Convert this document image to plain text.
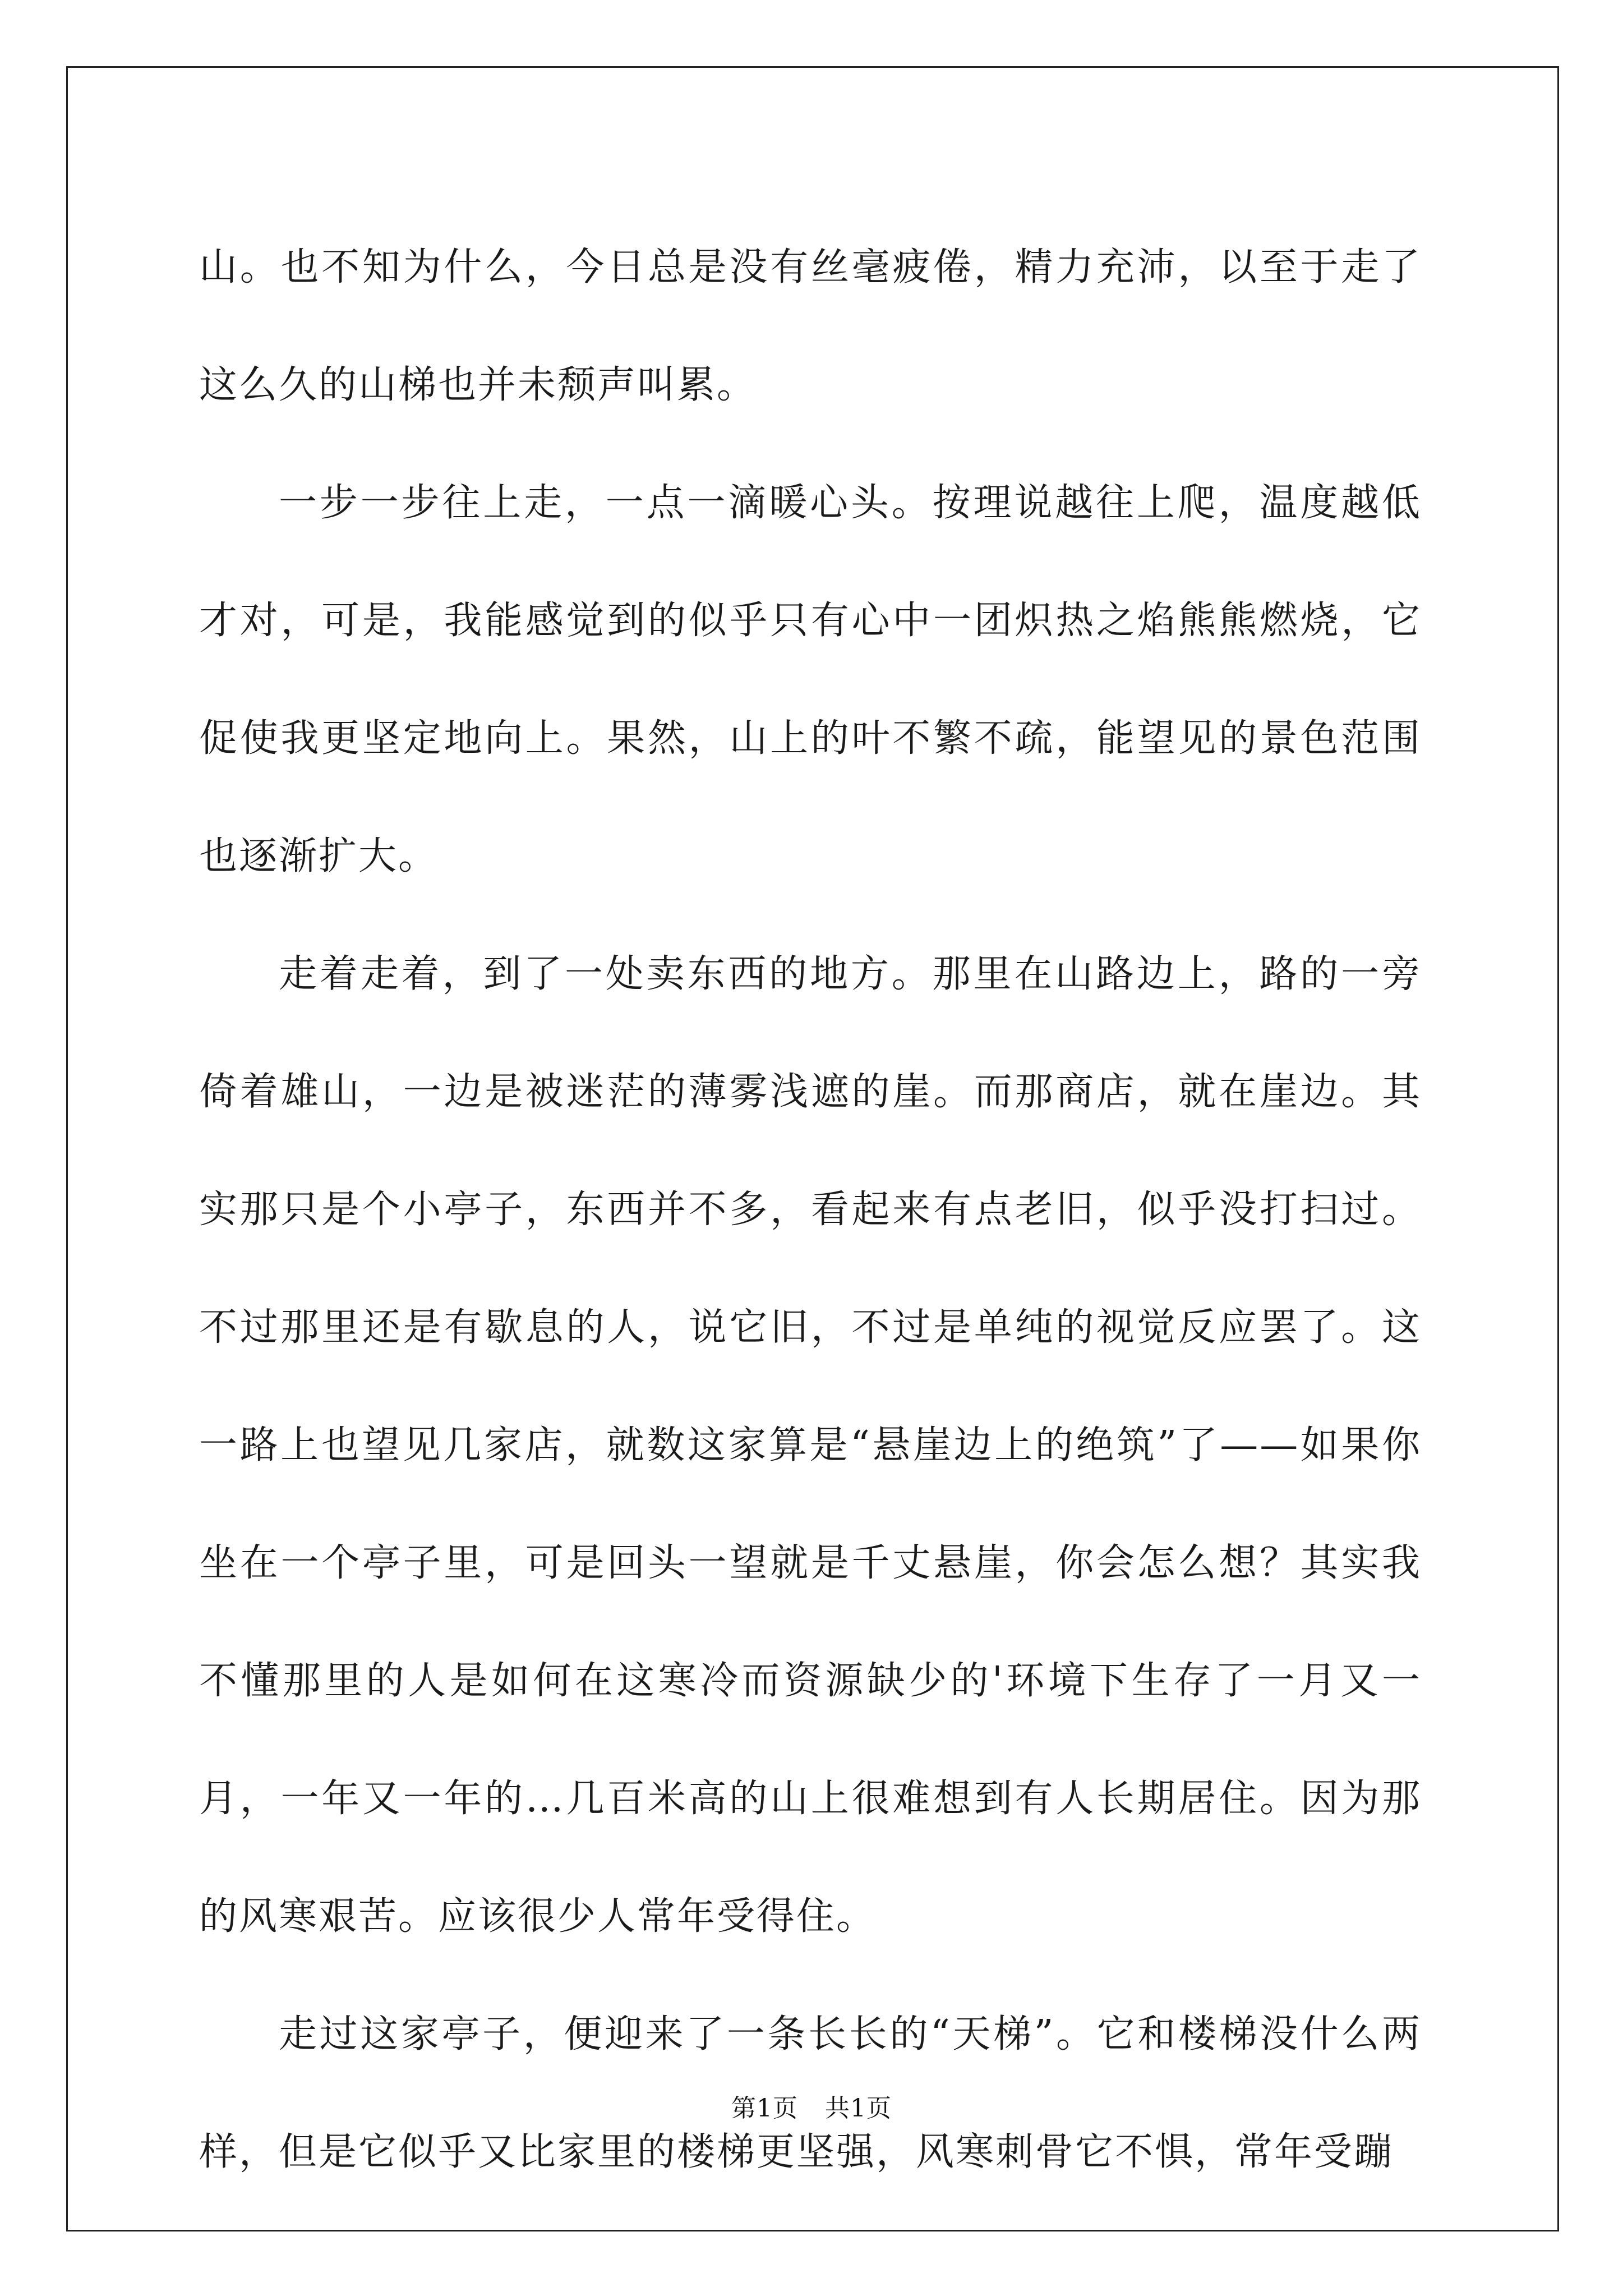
山。也不知为什么，今日总是没有丝毫疲倦，精力充沛，以至于走了这么久的山梯也并未颓声叫累。

一步一步往上走，一点一滴暖心头。按理说越往上爬，温度越低才对，可是，我能感觉到的似乎只有心中一团炽热之焰熊熊燃烧，它促使我更坚定地向上。果然，山上的叶不繁不疏，能望见的景色范围也逐渐扩大。

走着走着，到了一处卖东西的地方。那里在山路边上，路的一旁倚着雄山，一边是被迷茫的薄雾浅遮的崖。而那商店，就在崖边。其实那只是个小亭子，东西并不多，看起来有点老旧，似乎没打扫过。不过那里还是有歇息的人，说它旧，不过是单纯的视觉反应罢了。这一路上也望见几家店，就数这家算是“悬崖边上的绝筑”了——如果你坐在一个亭子里，可是回头一望就是千丈悬崖，你会怎么想？其实我不懂那里的人是如何在这寒冷而资源缺少的'环境下生存了一月又一月，一年又一年的…几百米高的山上很难想到有人长期居住。因为那的风寒艰苦。应该很少人常年受得住。

走过这家亭子，便迎来了一条长长的“天梯”。它和楼梯没什么两样，但是它似乎又比家里的楼梯更坚强，风寒刺骨它不惧，常年受蹦

第1页 共1页
